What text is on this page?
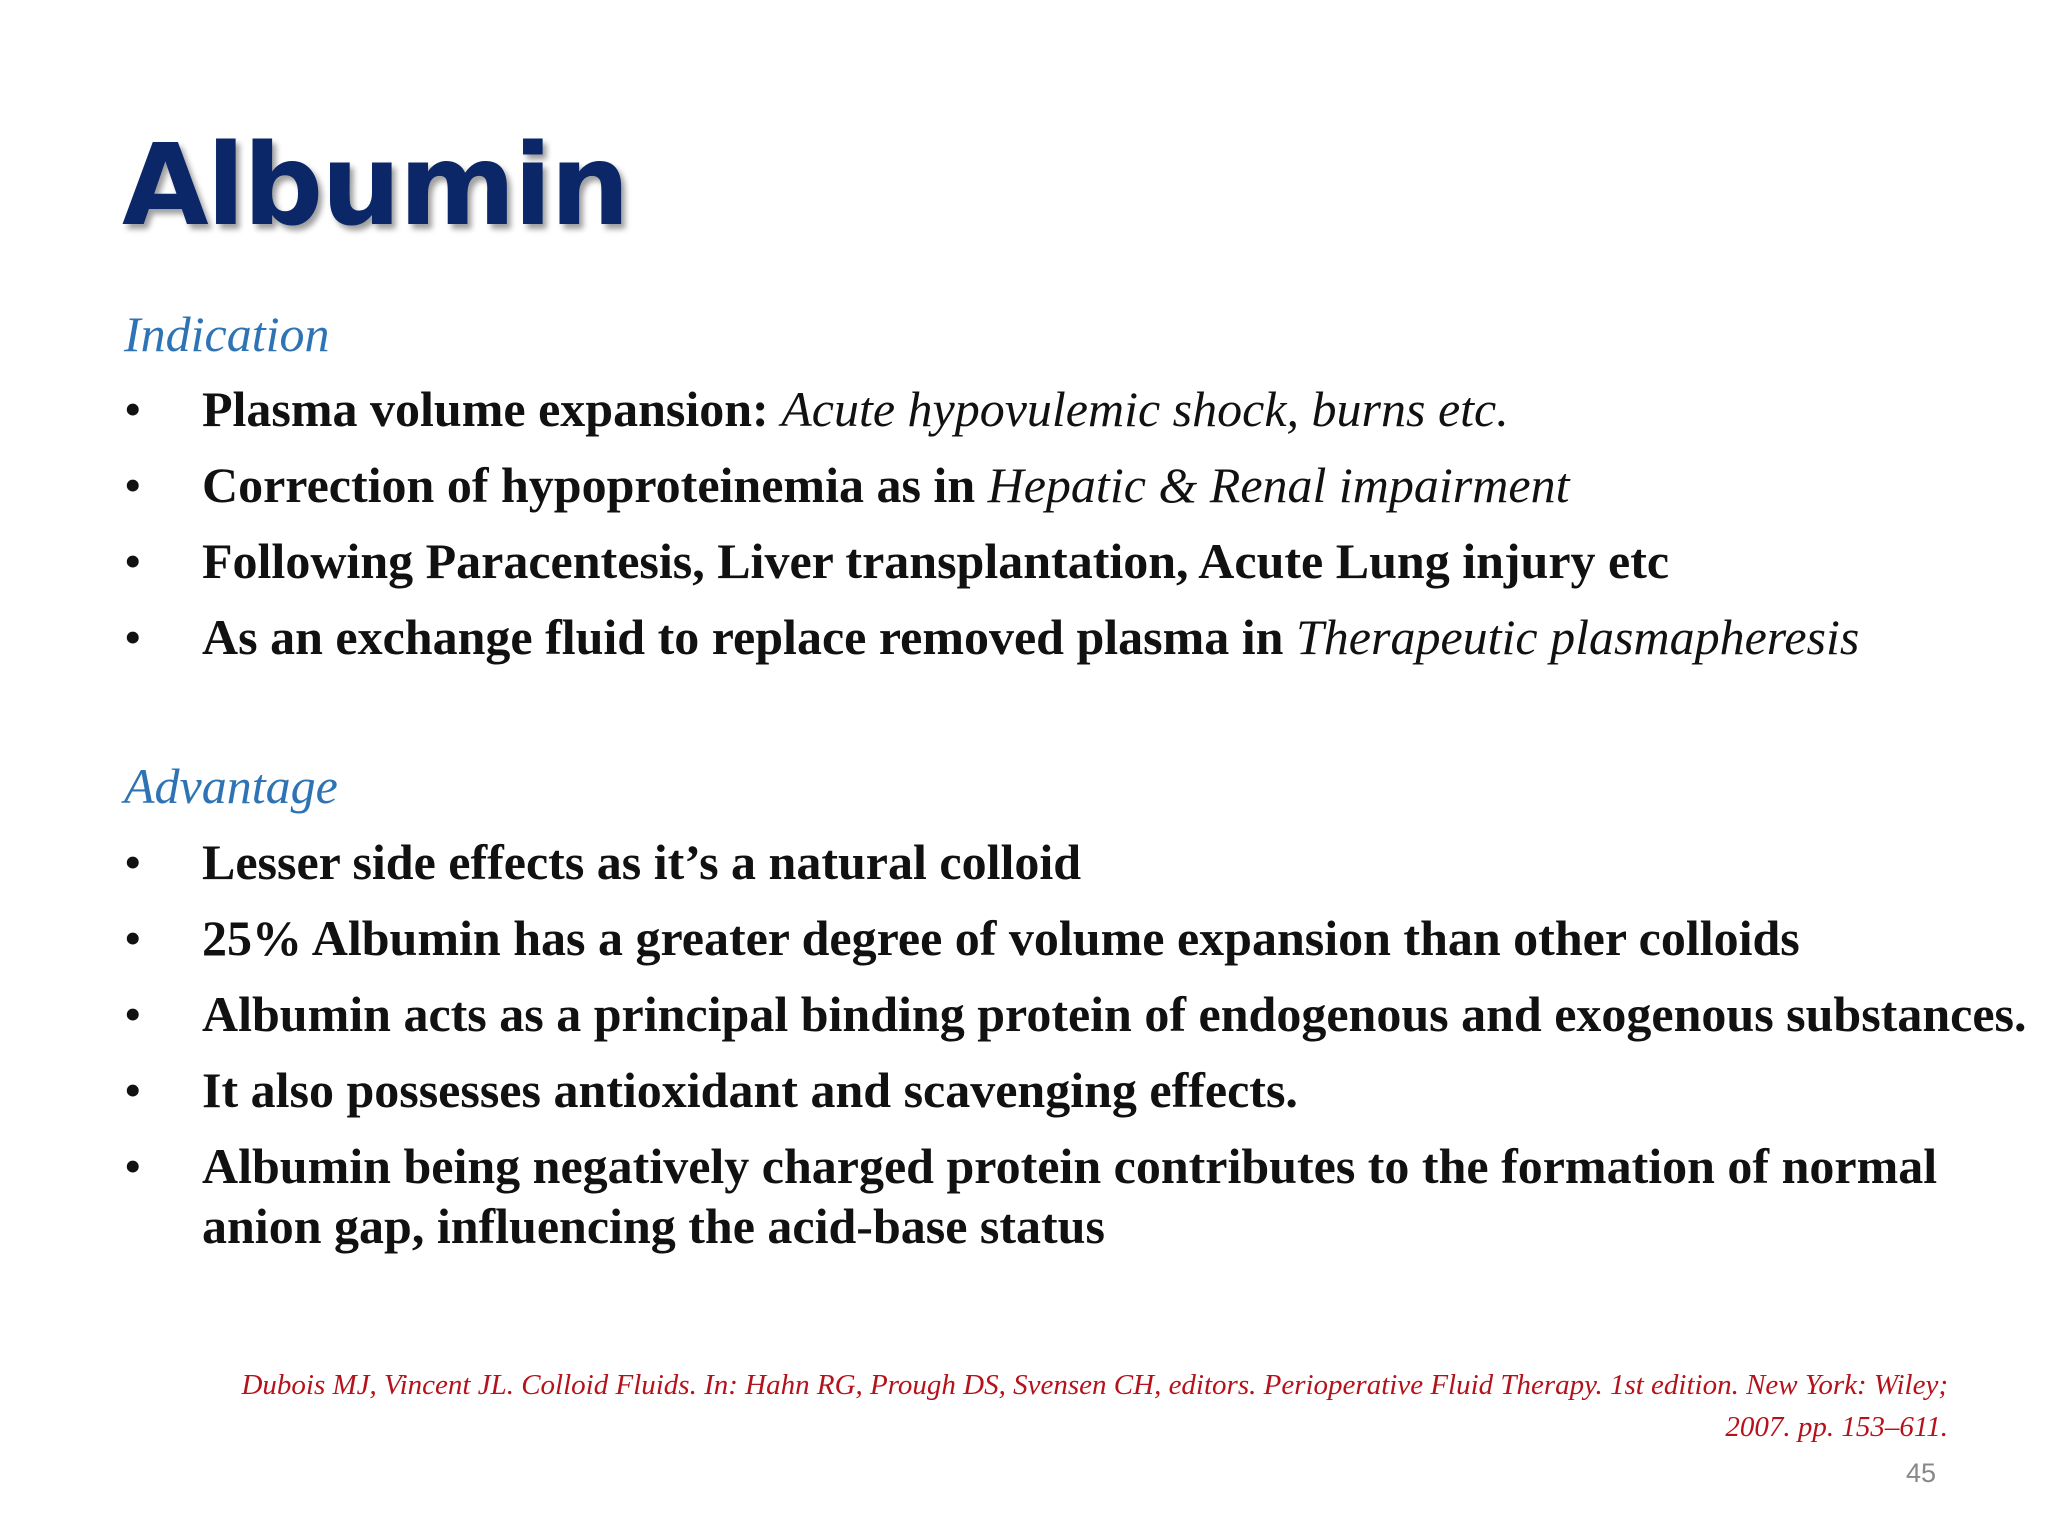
Albumin
Indication
• Plasma volume expansion: Acute hypovulemic shock, burns etc.
• Correction of hypoproteinemia as in Hepatic & Renal impairment
• Following Paracentesis, Liver transplantation, Acute Lung injury etc
• As an exchange fluid to replace removed plasma in Therapeutic plasmapheresis
Advantage
• Lesser side effects as it’s a natural colloid
• 25% Albumin has a greater degree of volume expansion than other colloids
• Albumin acts as a principal binding protein of endogenous and exogenous substances.
• It also possesses antioxidant and scavenging effects.
• Albumin being negatively charged protein contributes to the formation of normal anion gap, influencing the acid-base status
Dubois MJ, Vincent JL. Colloid Fluids. In: Hahn RG, Prough DS, Svensen CH, editors. Perioperative Fluid Therapy. 1st edition. New York: Wiley;
2007. pp. 153–611.
45
